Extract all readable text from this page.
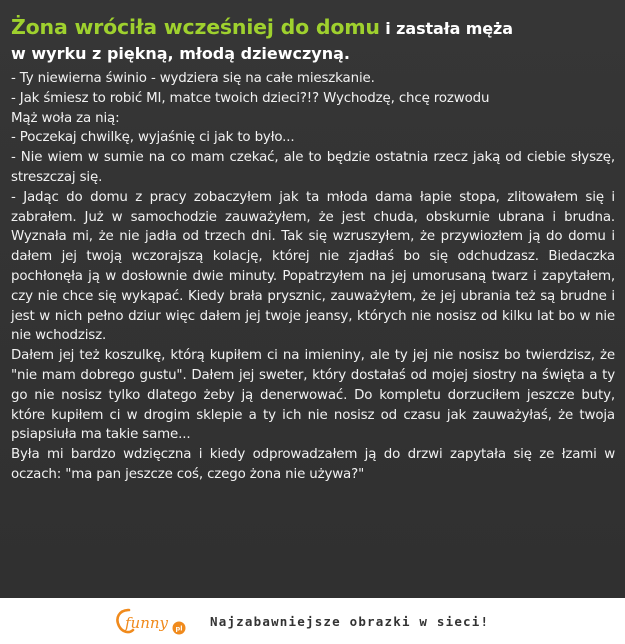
Żona wróciła wcześniej do domu i zastała męża
w wyrku z piękną, młodą dziewczyną.

- Ty niewierna świnio - wydziera się na całe mieszkanie.

- Jak śmiesz to robić MI, matce twoich dzieci?!? Wychodzę, chcę rozwodu

Mąż woła za nią:

- Poczekaj chwilkę, wyjaśnię ci jak to było...

- Nie wiem w sumie na co mam czekać, ale to będzie ostatnia rzecz jaką od ciebie słyszę, streszczaj się.

- Jadąc do domu z pracy zobaczyłem jak ta młoda dama łapie stopa, zlitowałem się i zabrałem. Już w samochodzie zauważyłem, że jest chuda, obskurnie ubrana i brudna. Wyznała mi, że nie jadła od trzech dni. Tak się wzruszyłem, że przywiozłem ją do domu i dałem jej twoją wczorajszą kolację, której nie zjadłaś bo się odchudzasz. Biedaczka pochłonęła ją w dosłownie dwie minuty. Popatrzyłem na jej umorusaną twarz i zapytałem, czy nie chce się wykąpać. Kiedy brała prysznic, zauważyłem, że jej ubrania też są brudne i jest w nich pełno dziur więc dałem jej twoje jeansy, których nie nosisz od kilku lat bo w nie nie wchodzisz.

Dałem jej też koszulkę, którą kupiłem ci na imieniny, ale ty jej nie nosisz bo twierdzisz, że "nie mam dobrego gustu". Dałem jej sweter, który dostałaś od mojej siostry na święta a ty go nie nosisz tylko dlatego żeby ją denerwować. Do kompletu dorzuciłem jeszcze buty, które kupiłem ci w drogim sklepie a ty ich nie nosisz od czasu jak zauważyłaś, że twoja psiapsiuła ma takie same...

Była mi bardzo wdzięczna i kiedy odprowadzałem ją do drzwi zapytała się ze łzami w oczach: "ma pan jeszcze coś, czego żona nie używa?"

funny pl Najzabawniejsze obrazki w sieci!
